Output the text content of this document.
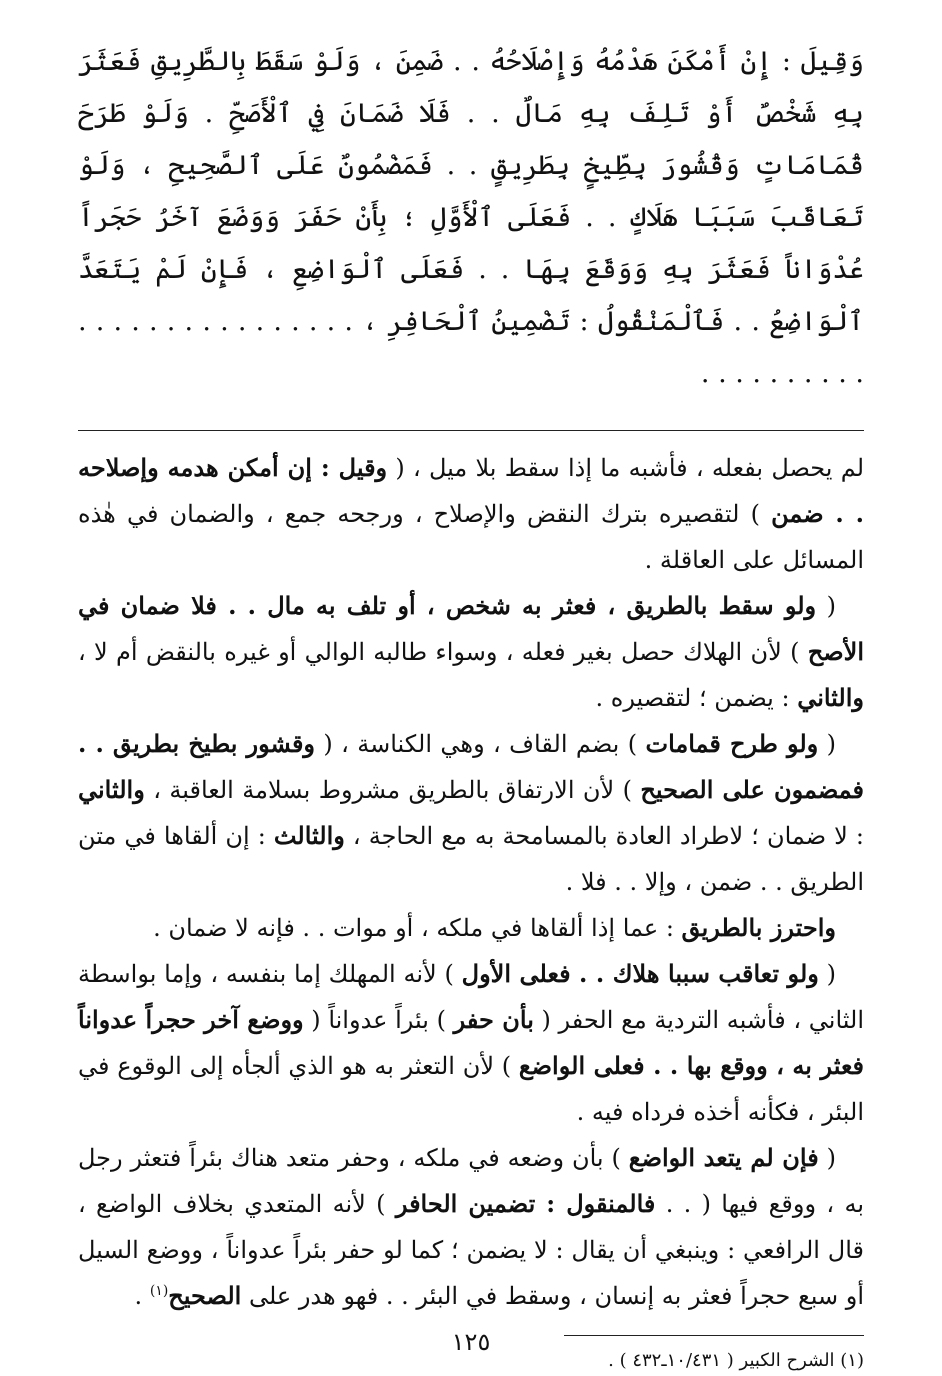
وَقِيلَ : إِنْ أَمْكَنَ هَدْمُهُ وَإِصْلَاحُهُ . . ضَمِنَ ، وَلَوْ سَقَطَ بِالطَّرِيقِ فَعَثَرَ بِهِ شَخْصٌ أَوْ تَلِفَ بِهِ مَالٌ . . فَلَا ضَمَانَ فِي ٱلْأَصَحِّ . وَلَوْ طَرَحَ قُمَامَاتٍ وَقُشُورَ بِطِّيخٍ بِطَرِيقٍ . . فَمَضْمُونٌ عَلَى ٱلصَّحِيحِ ، وَلَوْ تَعَاقَبَ سَبَبَا هَلَاكٍ . . فَعَلَى ٱلْأَوَّلِ ؛ بِأَنْ حَفَرَ وَوَضَعَ آخَرُ حَجَراً عُدْوَاناً فَعَثَرَ بِهِ وَوَقَعَ بِهَا . . فَعَلَى ٱلْوَاضِعِ ، فَإِنْ لَمْ يَتَعَدَّ ٱلْوَاضِعُ . . فَٱلْمَنْقُولُ : تَضْمِينُ ٱلْحَافِرِ ، . . . . . . . . . . . . . . . . . . . . . . . . . .

لم يحصل بفعله ، فأشبه ما إذا سقط بلا ميل ، ( وقيل : إن أمكن هدمه وإصلاحه . . ضمن ) لتقصيره بترك النقض والإصلاح ، ورجحه جمع ، والضمان في هٰذه المسائل على العاقلة .

( ولو سقط بالطريق ، فعثر به شخص ، أو تلف به مال . . فلا ضمان في الأصح ) لأن الهلاك حصل بغير فعله ، وسواء طالبه الوالي أو غيره بالنقض أم لا ، والثاني : يضمن ؛ لتقصيره .

( ولو طرح قمامات ) بضم القاف ، وهي الكناسة ، ( وقشور بطيخ بطريق . . فمضمون على الصحيح ) لأن الارتفاق بالطريق مشروط بسلامة العاقبة ، والثاني : لا ضمان ؛ لاطراد العادة بالمسامحة به مع الحاجة ، والثالث : إن ألقاها في متن الطريق . . ضمن ، وإلا . . فلا .

واحترز بالطريق : عما إذا ألقاها في ملكه ، أو موات . . فإنه لا ضمان .

( ولو تعاقب سببا هلاك . . فعلى الأول ) لأنه المهلك إما بنفسه ، وإما بواسطة الثاني ، فأشبه التردية مع الحفر ( بأن حفر ) بئراً عدواناً ( ووضع آخر حجراً عدواناً فعثر به ، ووقع بها . . فعلى الواضع ) لأن التعثر به هو الذي ألجأه إلى الوقوع في البئر ، فكأنه أخذه فرداه فيه .

( فإن لم يتعد الواضع ) بأن وضعه في ملكه ، وحفر متعد هناك بئراً فتعثر رجل به ، ووقع فيها ( . . فالمنقول : تضمين الحافر ) لأنه المتعدي بخلاف الواضع ، قال الرافعي : وينبغي أن يقال : لا يضمن ؛ كما لو حفر بئراً عدواناً ، ووضع السيل أو سبع حجراً فعثر به إنسان ، وسقط في البئر . . فهو هدر على الصحيح$^{(١)}$ .

(١) الشرح الكبير ( ١٠/٤٣١ـ٤٣٢ ) .

١٢٥
